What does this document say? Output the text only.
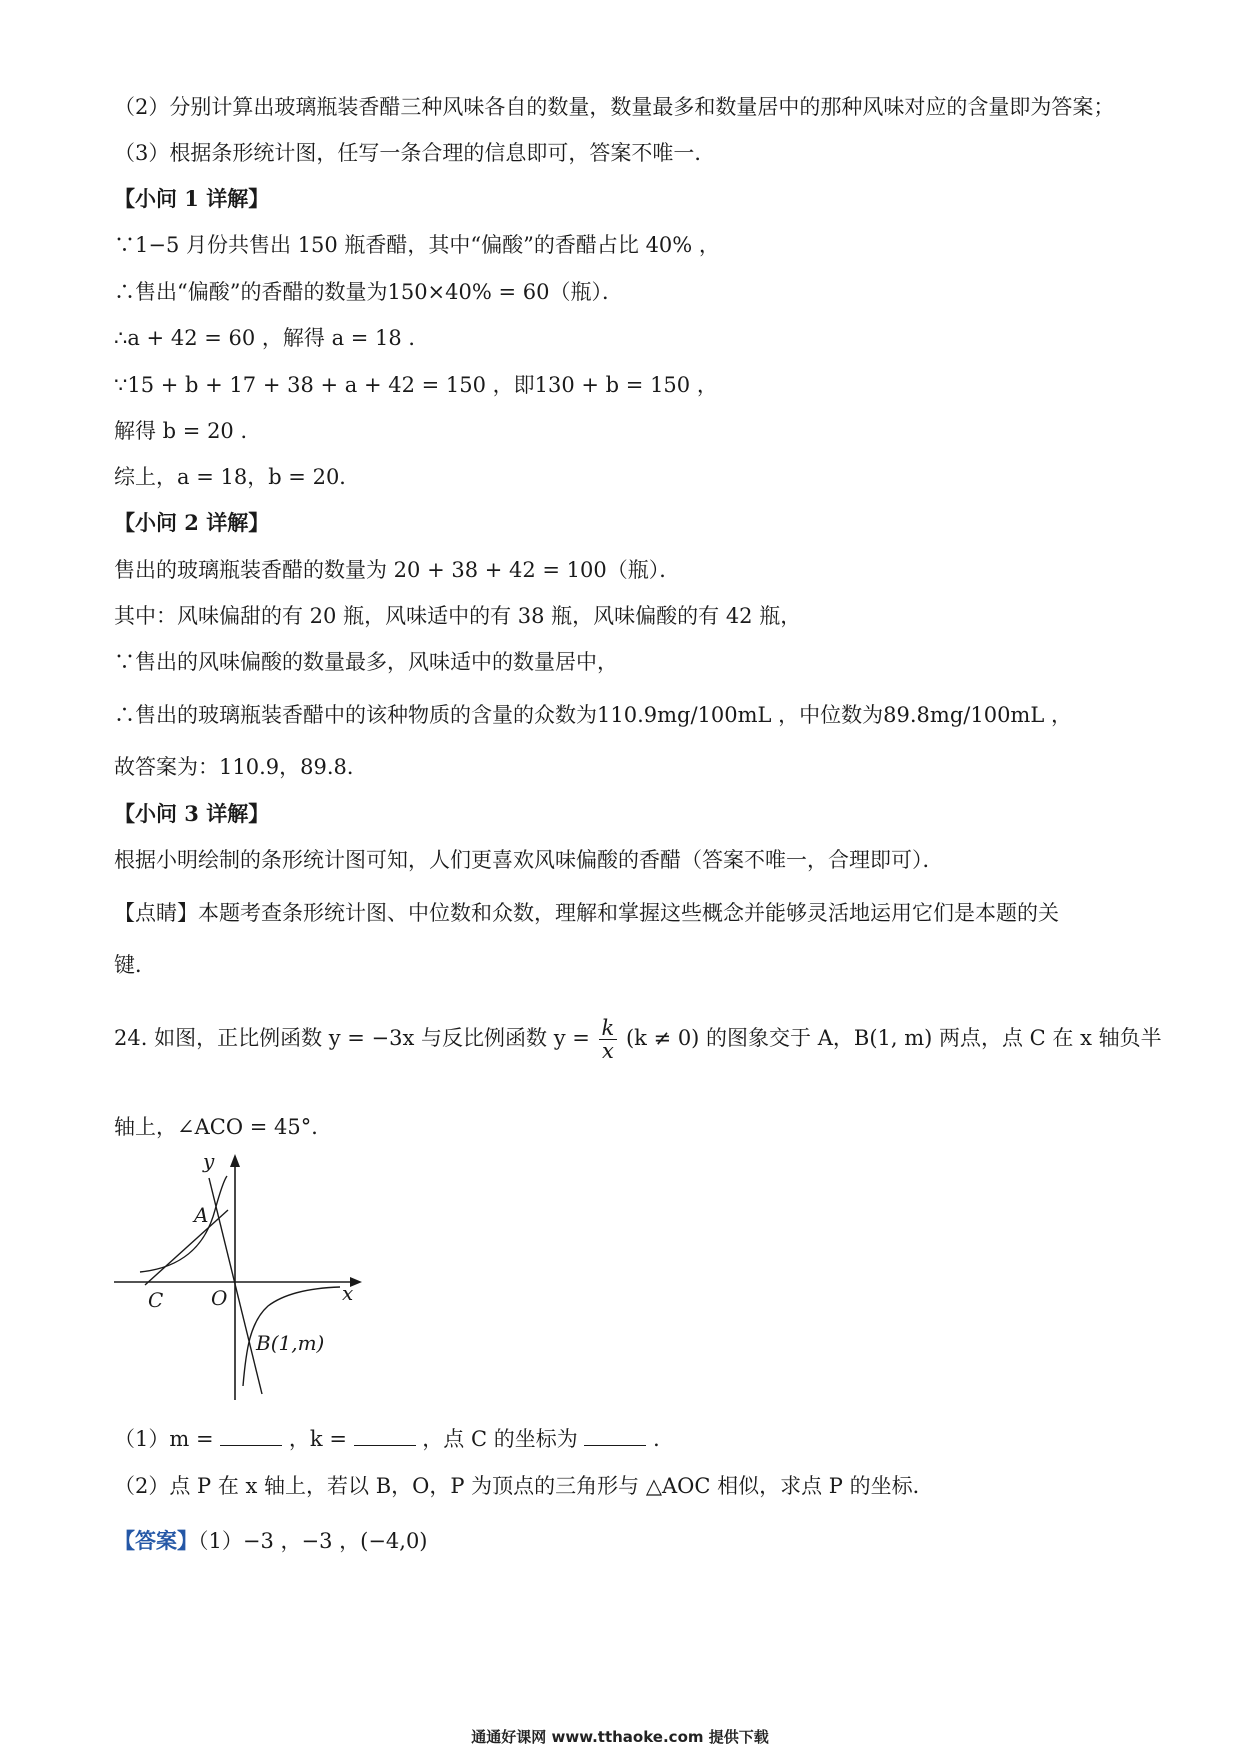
（2）分别计算出玻璃瓶装香醋三种风味各自的数量，数量最多和数量居中的那种风味对应的含量即为答案；
（3）根据条形统计图，任写一条合理的信息即可，答案不唯一．
【小问 1 详解】
∵1−5 月份共售出 150 瓶香醋，其中“偏酸”的香醋占比 40% ，
∴售出“偏酸”的香醋的数量为150×40% = 60（瓶）．
∴a + 42 = 60 ，解得 a = 18 ．
∵15 + b + 17 + 38 + a + 42 = 150 ，即130 + b = 150 ，
解得 b = 20 ．
综上，a = 18，b = 20．
【小问 2 详解】
售出的玻璃瓶装香醋的数量为 20 + 38 + 42 = 100（瓶）．
其中：风味偏甜的有 20 瓶，风味适中的有 38 瓶，风味偏酸的有 42 瓶，
∵售出的风味偏酸的数量最多，风味适中的数量居中，
∴售出的玻璃瓶装香醋中的该种物质的含量的众数为110.9mg/100mL ，中位数为89.8mg/100mL ，
故答案为：110.9，89.8．
【小问 3 详解】
根据小明绘制的条形统计图可知，人们更喜欢风味偏酸的香醋（答案不唯一，合理即可）．
【点睛】本题考查条形统计图、中位数和众数，理解和掌握这些概念并能够灵活地运用它们是本题的关
键．
24. 如图，正比例函数 y = −3x 与反比例函数 $y = \frac{k}{x} (k \ne 0)$ 的图象交于 A，B(1, m) 两点，点 C 在 x 轴负半
轴上，∠ACO = 45°．
y
x
A
C O
B(1,m)
（1）m =	，k =	，点 C 的坐标为	．
（2）点 P 在 x 轴上，若以 B，O，P 为顶点的三角形与 △AOC 相似，求点 P 的坐标．
【答案】（1）−3 ，−3 ，(−4,0)
通通好课网 www.tthaoke.com 提供下载
